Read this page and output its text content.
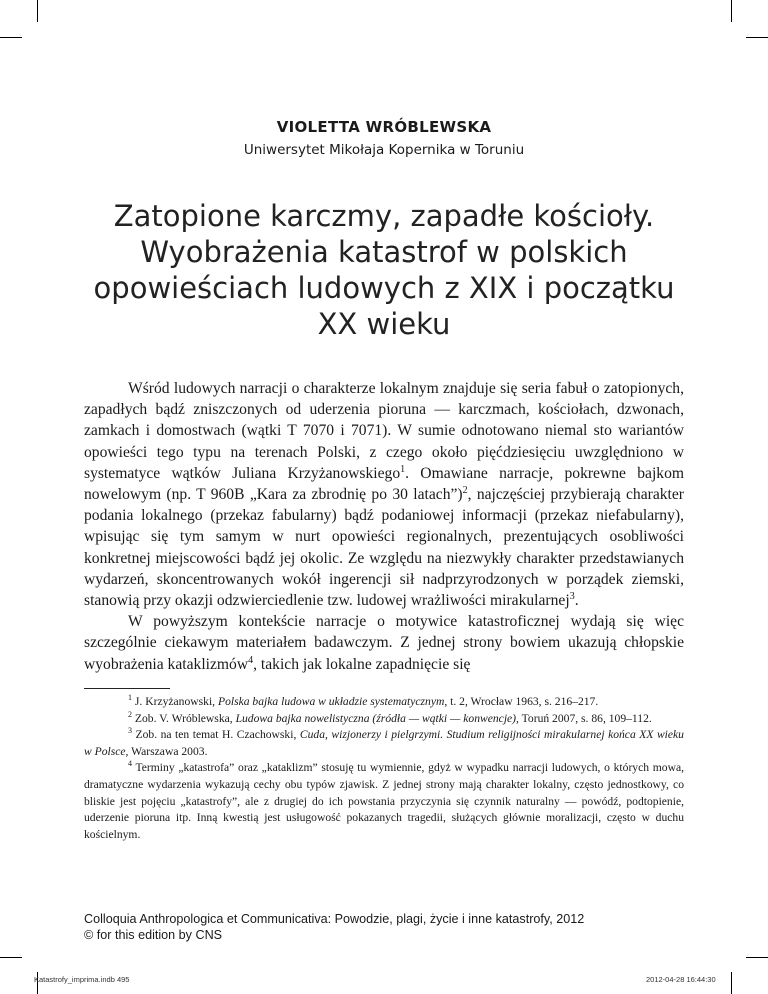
VIOLETTA WRÓBLEWSKA
Uniwersytet Mikołaja Kopernika w Toruniu
Zatopione karczmy, zapadłe kościoły. Wyobrażenia katastrof w polskich opowieściach ludowych z XIX i początku XX wieku

Wśród ludowych narracji o charakterze lokalnym znajduje się seria fabuł o zatopionych, zapadłych bądź zniszczonych od uderzenia pioruna — karczmach, kościołach, dzwonach, zamkach i domostwach (wątki T 7070 i 7071). W sumie odnotowano niemal sto wariantów opowieści tego typu na terenach Polski, z czego około pięćdziesięciu uwzględniono w systematyce wątków Juliana Krzyżanowskiego$^1$. Omawiane narracje, pokrewne bajkom nowelowym (np. T 960B „Kara za zbrodnię po 30 latach”)$^2$, najczęściej przybierają charakter podania lokalnego (przekaz fabularny) bądź podaniowej informacji (przekaz niefabularny), wpisując się tym samym w nurt opowieści regionalnych, prezentujących osobliwości konkretnej miejscowości bądź jej okolic. Ze względu na niezwykły charakter przedstawianych wydarzeń, skoncentrowanych wokół ingerencji sił nadprzyrodzonych w porządek ziemski, stanowią przy okazji odzwierciedlenie tzw. ludowej wrażliwości mirakularnej$^3$.

W powyższym kontekście narracje o motywice katastroficznej wydają się więc szczególnie ciekawym materiałem badawczym. Z jednej strony bowiem ukazują chłopskie wyobrażenia kataklizmów$^4$, takich jak lokalne zapadnięcie się

$^1$ J. Krzyżanowski, Polska bajka ludowa w układzie systematycznym, t. 2, Wrocław 1963, s. 216–217.

$^2$ Zob. V. Wróblewska, Ludowa bajka nowelistyczna (źródła — wątki — konwencje), Toruń 2007, s. 86, 109–112.

$^3$ Zob. na ten temat H. Czachowski, Cuda, wizjonerzy i pielgrzymi. Studium religijności mirakularnej końca XX wieku w Polsce, Warszawa 2003.

$^4$ Terminy „katastrofa” oraz „kataklizm” stosuję tu wymiennie, gdyż w wypadku narracji ludowych, o których mowa, dramatyczne wydarzenia wykazują cechy obu typów zjawisk. Z jednej strony mają charakter lokalny, często jednostkowy, co bliskie jest pojęciu „katastrofy”, ale z drugiej do ich powstania przyczynia się czynnik naturalny — powódź, podtopienie, uderzenie pioruna itp. Inną kwestią jest usługowość pokazanych tragedii, służących głównie moralizacji, często w duchu kościelnym.

Colloquia Anthropologica et Communicativa: Powodzie, plagi, życie i inne katastrofy, 2012
© for this edition by CNS
Katastrofy_imprima.indb 495	2012-04-28 16:44:30
